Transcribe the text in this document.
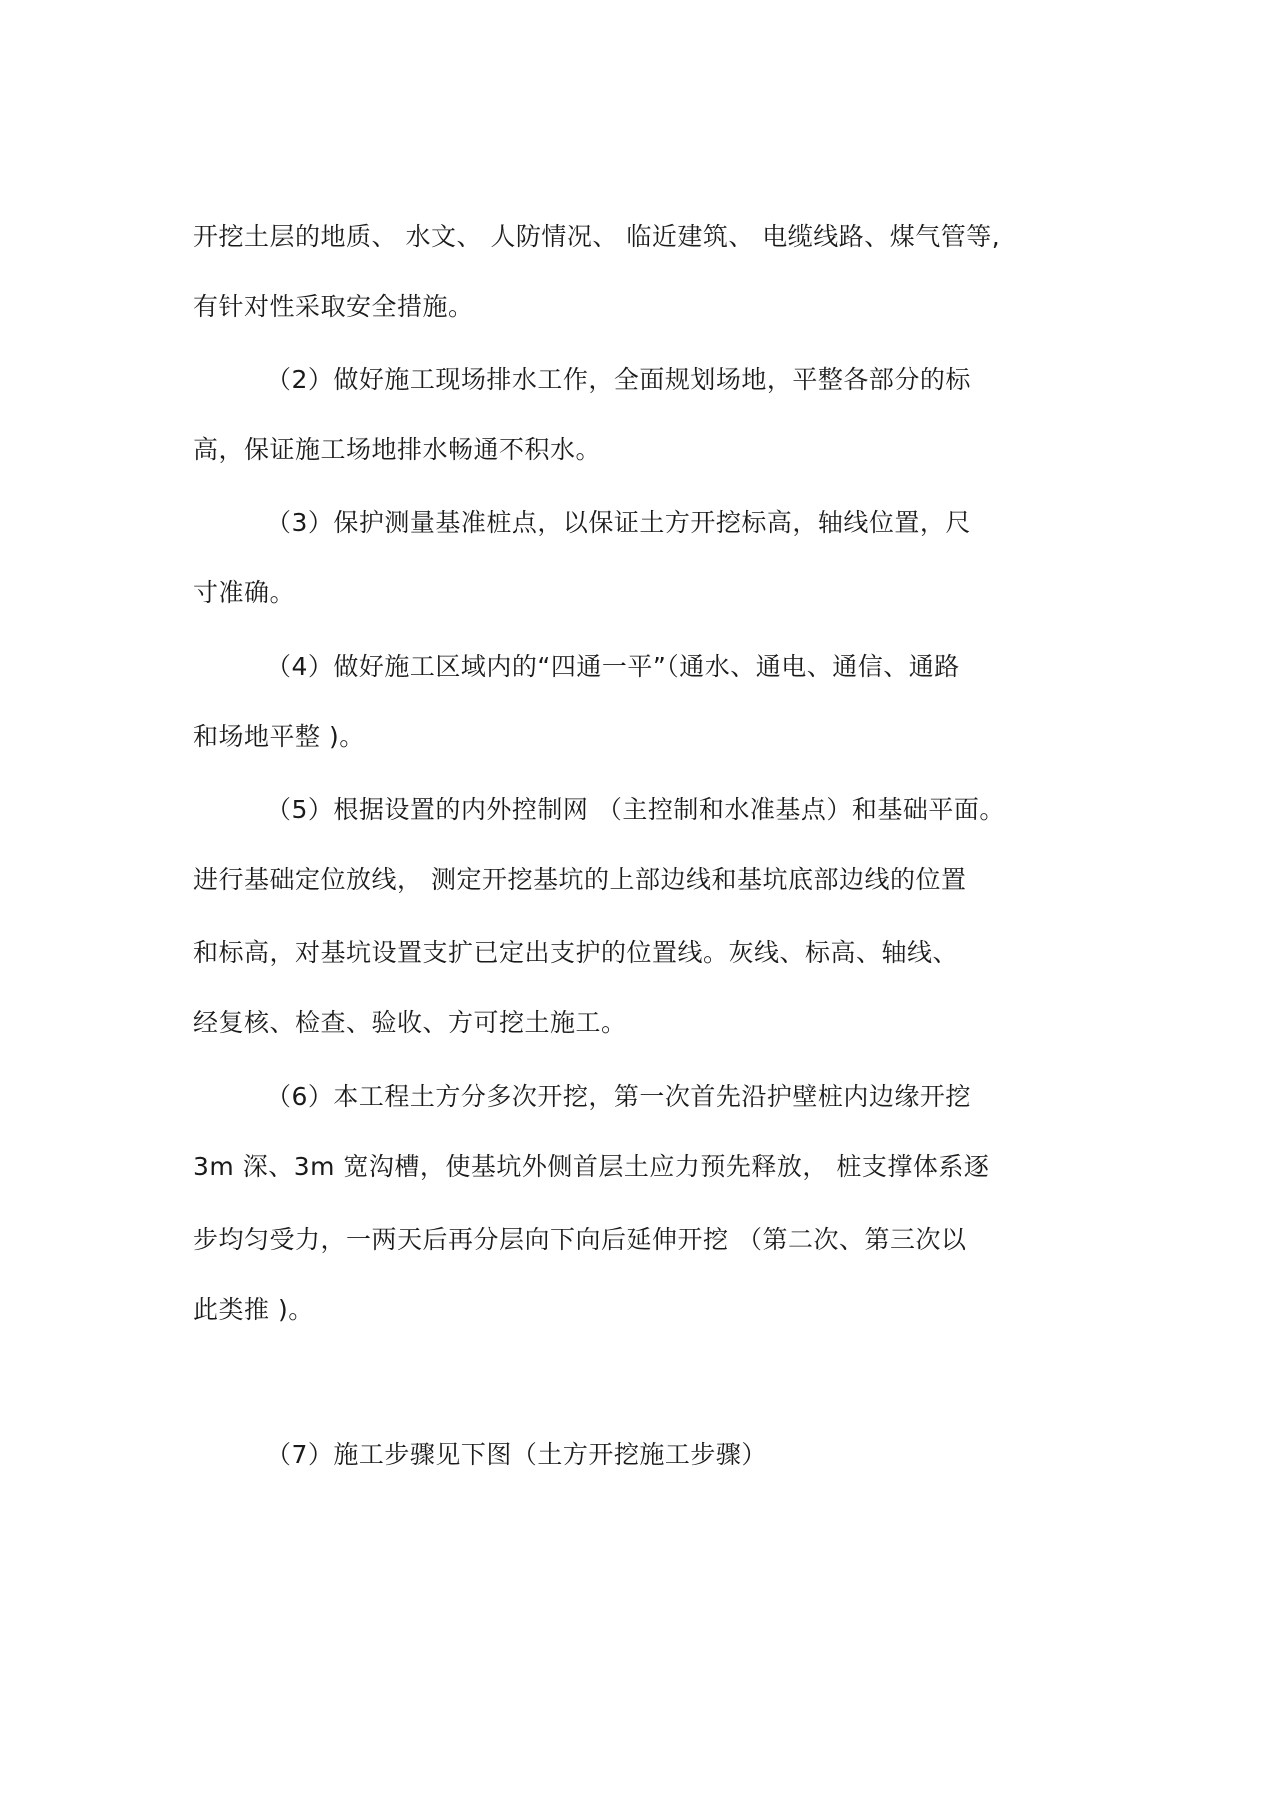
开挖土层的地质、 水文、 人防情况、 临近建筑、 电缆线路、煤气管等,
有针对性采取安全措施。
（2）做好施工现场排水工作，全面规划场地，平整各部分的标
高，保证施工场地排水畅通不积水。
（3）保护测量基准桩点，以保证土方开挖标高，轴线位置，尺
寸准确。
（4）做好施工区域内的“四通一平”（通水、通电、通信、通路
和场地平整 )。
（5）根据设置的内外控制网 （主控制和水准基点）和基础平面。
进行基础定位放线， 测定开挖基坑的上部边线和基坑底部边线的位置
和标高，对基坑设置支扩已定出支护的位置线。灰线、标高、轴线、
经复核、检查、验收、方可挖土施工。
（6）本工程土方分多次开挖，第一次首先沿护壁桩内边缘开挖
3m 深、3m 宽沟槽，使基坑外侧首层土应力预先释放， 桩支撑体系逐
步均匀受力，一两天后再分层向下向后延伸开挖 （第二次、第三次以
此类推 )。
（7）施工步骤见下图（土方开挖施工步骤）
